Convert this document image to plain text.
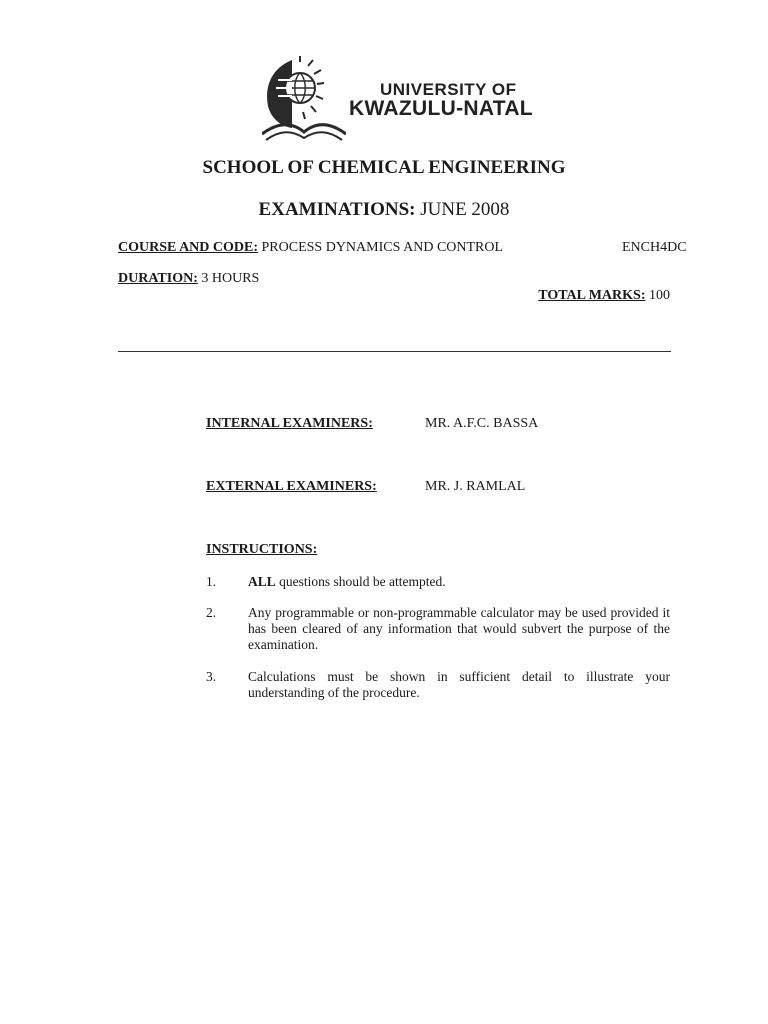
UNIVERSITY OF
KWAZULU-NATAL
SCHOOL OF CHEMICAL ENGINEERING
EXAMINATIONS: JUNE 2008
COURSE AND CODE: PROCESS DYNAMICS AND CONTROL	ENCH4DC
DURATION: 3 HOURS
TOTAL MARKS: 100
INTERNAL EXAMINERS:	MR. A.F.C. BASSA
EXTERNAL EXAMINERS:	MR. J. RAMLAL
INSTRUCTIONS:
1. ALL questions should be attempted.
2. Any programmable or non-programmable calculator may be used provided it has been cleared of any information that would subvert the purpose of the examination.
3. Calculations must be shown in sufficient detail to illustrate your understanding of the procedure.
